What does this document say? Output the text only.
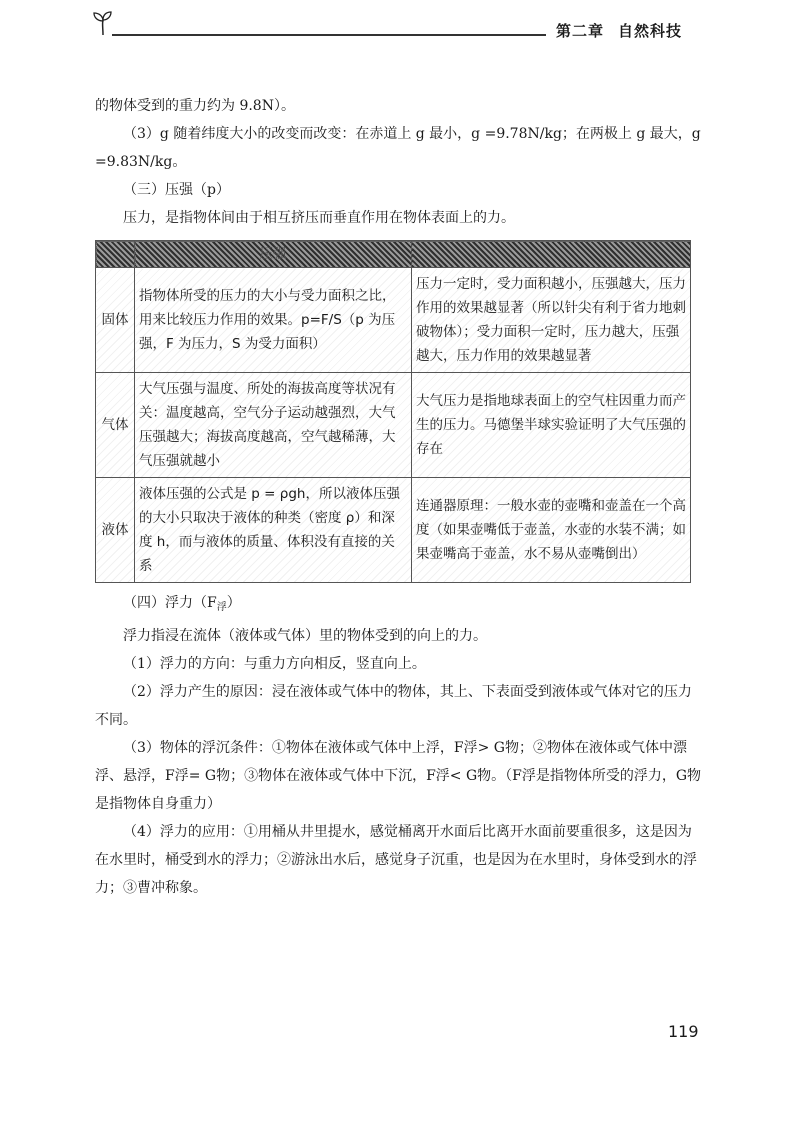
第二章 自然科技

的物体受到的重力约为 9.8N）。

（3）g 随着纬度大小的改变而改变：在赤道上 g 最小，g =9.78N/kg；在两极上 g 最大，g =9.83N/kg。

（三）压强（p）

压力，是指物体间由于相互挤压而垂直作用在物体表面上的力。

	压强	
固体	指物体所受的压力的大小与受力面积之比，用来比较压力作用的效果。p=F/S（p 为压强，F 为压力，S 为受力面积）	压力一定时，受力面积越小，压强越大，压力作用的效果越显著（所以针尖有利于省力地刺破物体）；受力面积一定时，压力越大，压强越大，压力作用的效果越显著
气体	大气压强与温度、所处的海拔高度等状况有关：温度越高，空气分子运动越强烈，大气压强越大；海拔高度越高，空气越稀薄，大气压强就越小	大气压力是指地球表面上的空气柱因重力而产生的压力。马德堡半球实验证明了大气压强的存在
液体	液体压强的公式是 p = ρgh，所以液体压强的大小只取决于液体的种类（密度 ρ）和深度 h，而与液体的质量、体积没有直接的关系	连通器原理：一般水壶的壶嘴和壶盖在一个高度（如果壶嘴低于壶盖，水壶的水装不满；如果壶嘴高于壶盖，水不易从壶嘴倒出）

（四）浮力$(F_浮)$

浮力指浸在流体（液体或气体）里的物体受到的向上的力。

（1）浮力的方向：与重力方向相反，竖直向上。

（2）浮力产生的原因：浸在液体或气体中的物体，其上、下表面受到液体或气体对它的压力不同。

（3）物体的浮沉条件：①物体在液体或气体中上浮，F浮> G物；②物体在液体或气体中漂浮、悬浮，F浮= G物；③物体在液体或气体中下沉，F浮< G物。（F浮是指物体所受的浮力，G物是指物体自身重力）

（4）浮力的应用：①用桶从井里提水，感觉桶离开水面后比离开水面前要重很多，这是因为在水里时，桶受到水的浮力；②游泳出水后，感觉身子沉重，也是因为在水里时，身体受到水的浮力；③曹冲称象。

119
